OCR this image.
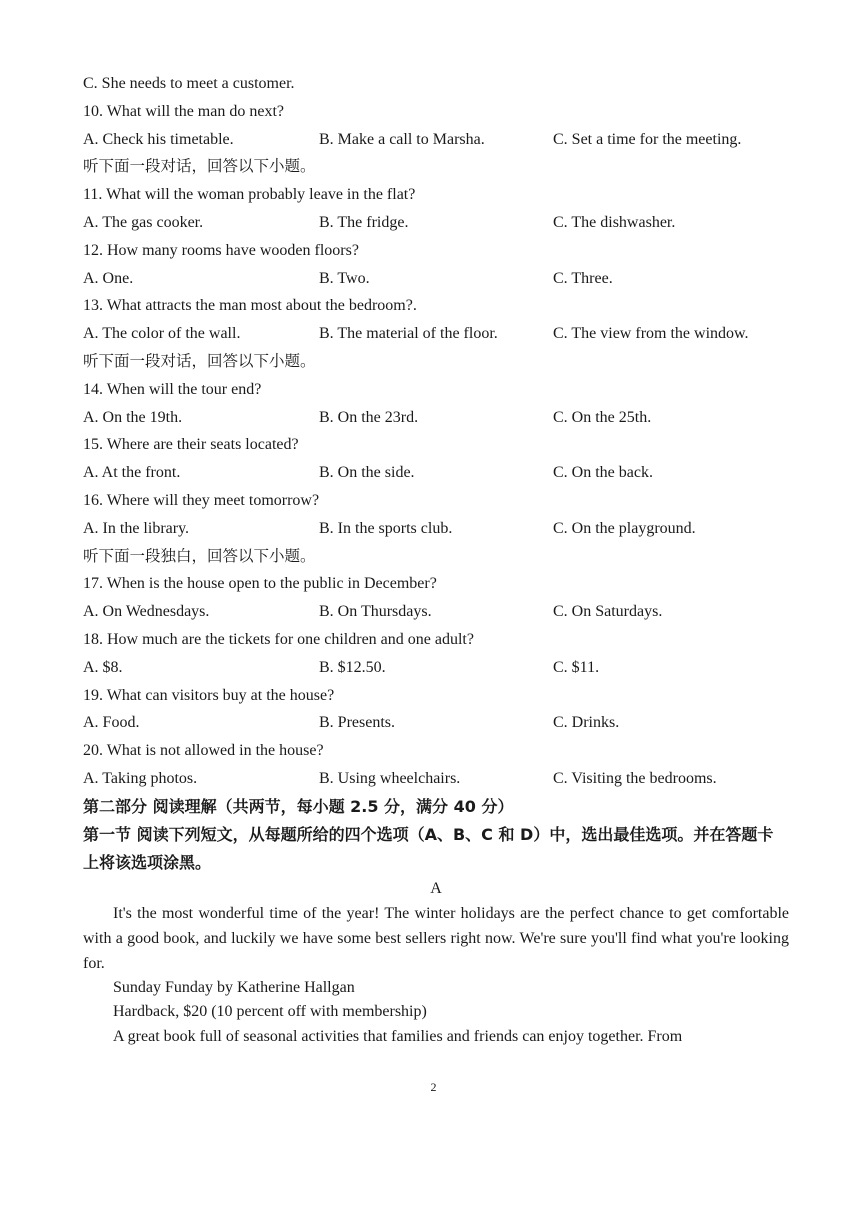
C. She needs to meet a customer.
10. What will the man do next?
A. Check his timetable.	B. Make a call to Marsha.	C. Set a time for the meeting.
听下面一段对话，回答以下小题。
11. What will the woman probably leave in the flat?
A. The gas cooker.	B. The fridge.	C. The dishwasher.
12. How many rooms have wooden floors?
A. One.	B. Two.	C. Three.
13. What attracts the man most about the bedroom?.
A. The color of the wall.	B. The material of the floor.	C. The view from the window.
听下面一段对话，回答以下小题。
14. When will the tour end?
A. On the 19th.	B. On the 23rd.	C. On the 25th.
15. Where are their seats located?
A. At the front.	B. On the side.	C. On the back.
16. Where will they meet tomorrow?
A. In the library.	B. In the sports club.	C. On the playground.
听下面一段独白，回答以下小题。
17. When is the house open to the public in December?
A. On Wednesdays.	B. On Thursdays.	C. On Saturdays.
18. How much are the tickets for one children and one adult?
A. $8.	B. $12.50.	C. $11.
19. What can visitors buy at the house?
A. Food.	B. Presents.	C. Drinks.
20. What is not allowed in the house?
A. Taking photos.	B. Using wheelchairs.	C. Visiting the bedrooms.
第二部分 阅读理解（共两节，每小题 2.5 分，满分 40 分）
第一节 阅读下列短文，从每题所给的四个选项（A、B、C 和 D）中，选出最佳选项。并在答题卡上将该选项涂黑。
A
It's the most wonderful time of the year! The winter holidays are the perfect chance to get comfortable with a good book, and luckily we have some best sellers right now. We're sure you'll find what you're looking for.
Sunday Funday by Katherine Hallgan
Hardback, $20 (10 percent off with membership)
A great book full of seasonal activities that families and friends can enjoy together. From
2
